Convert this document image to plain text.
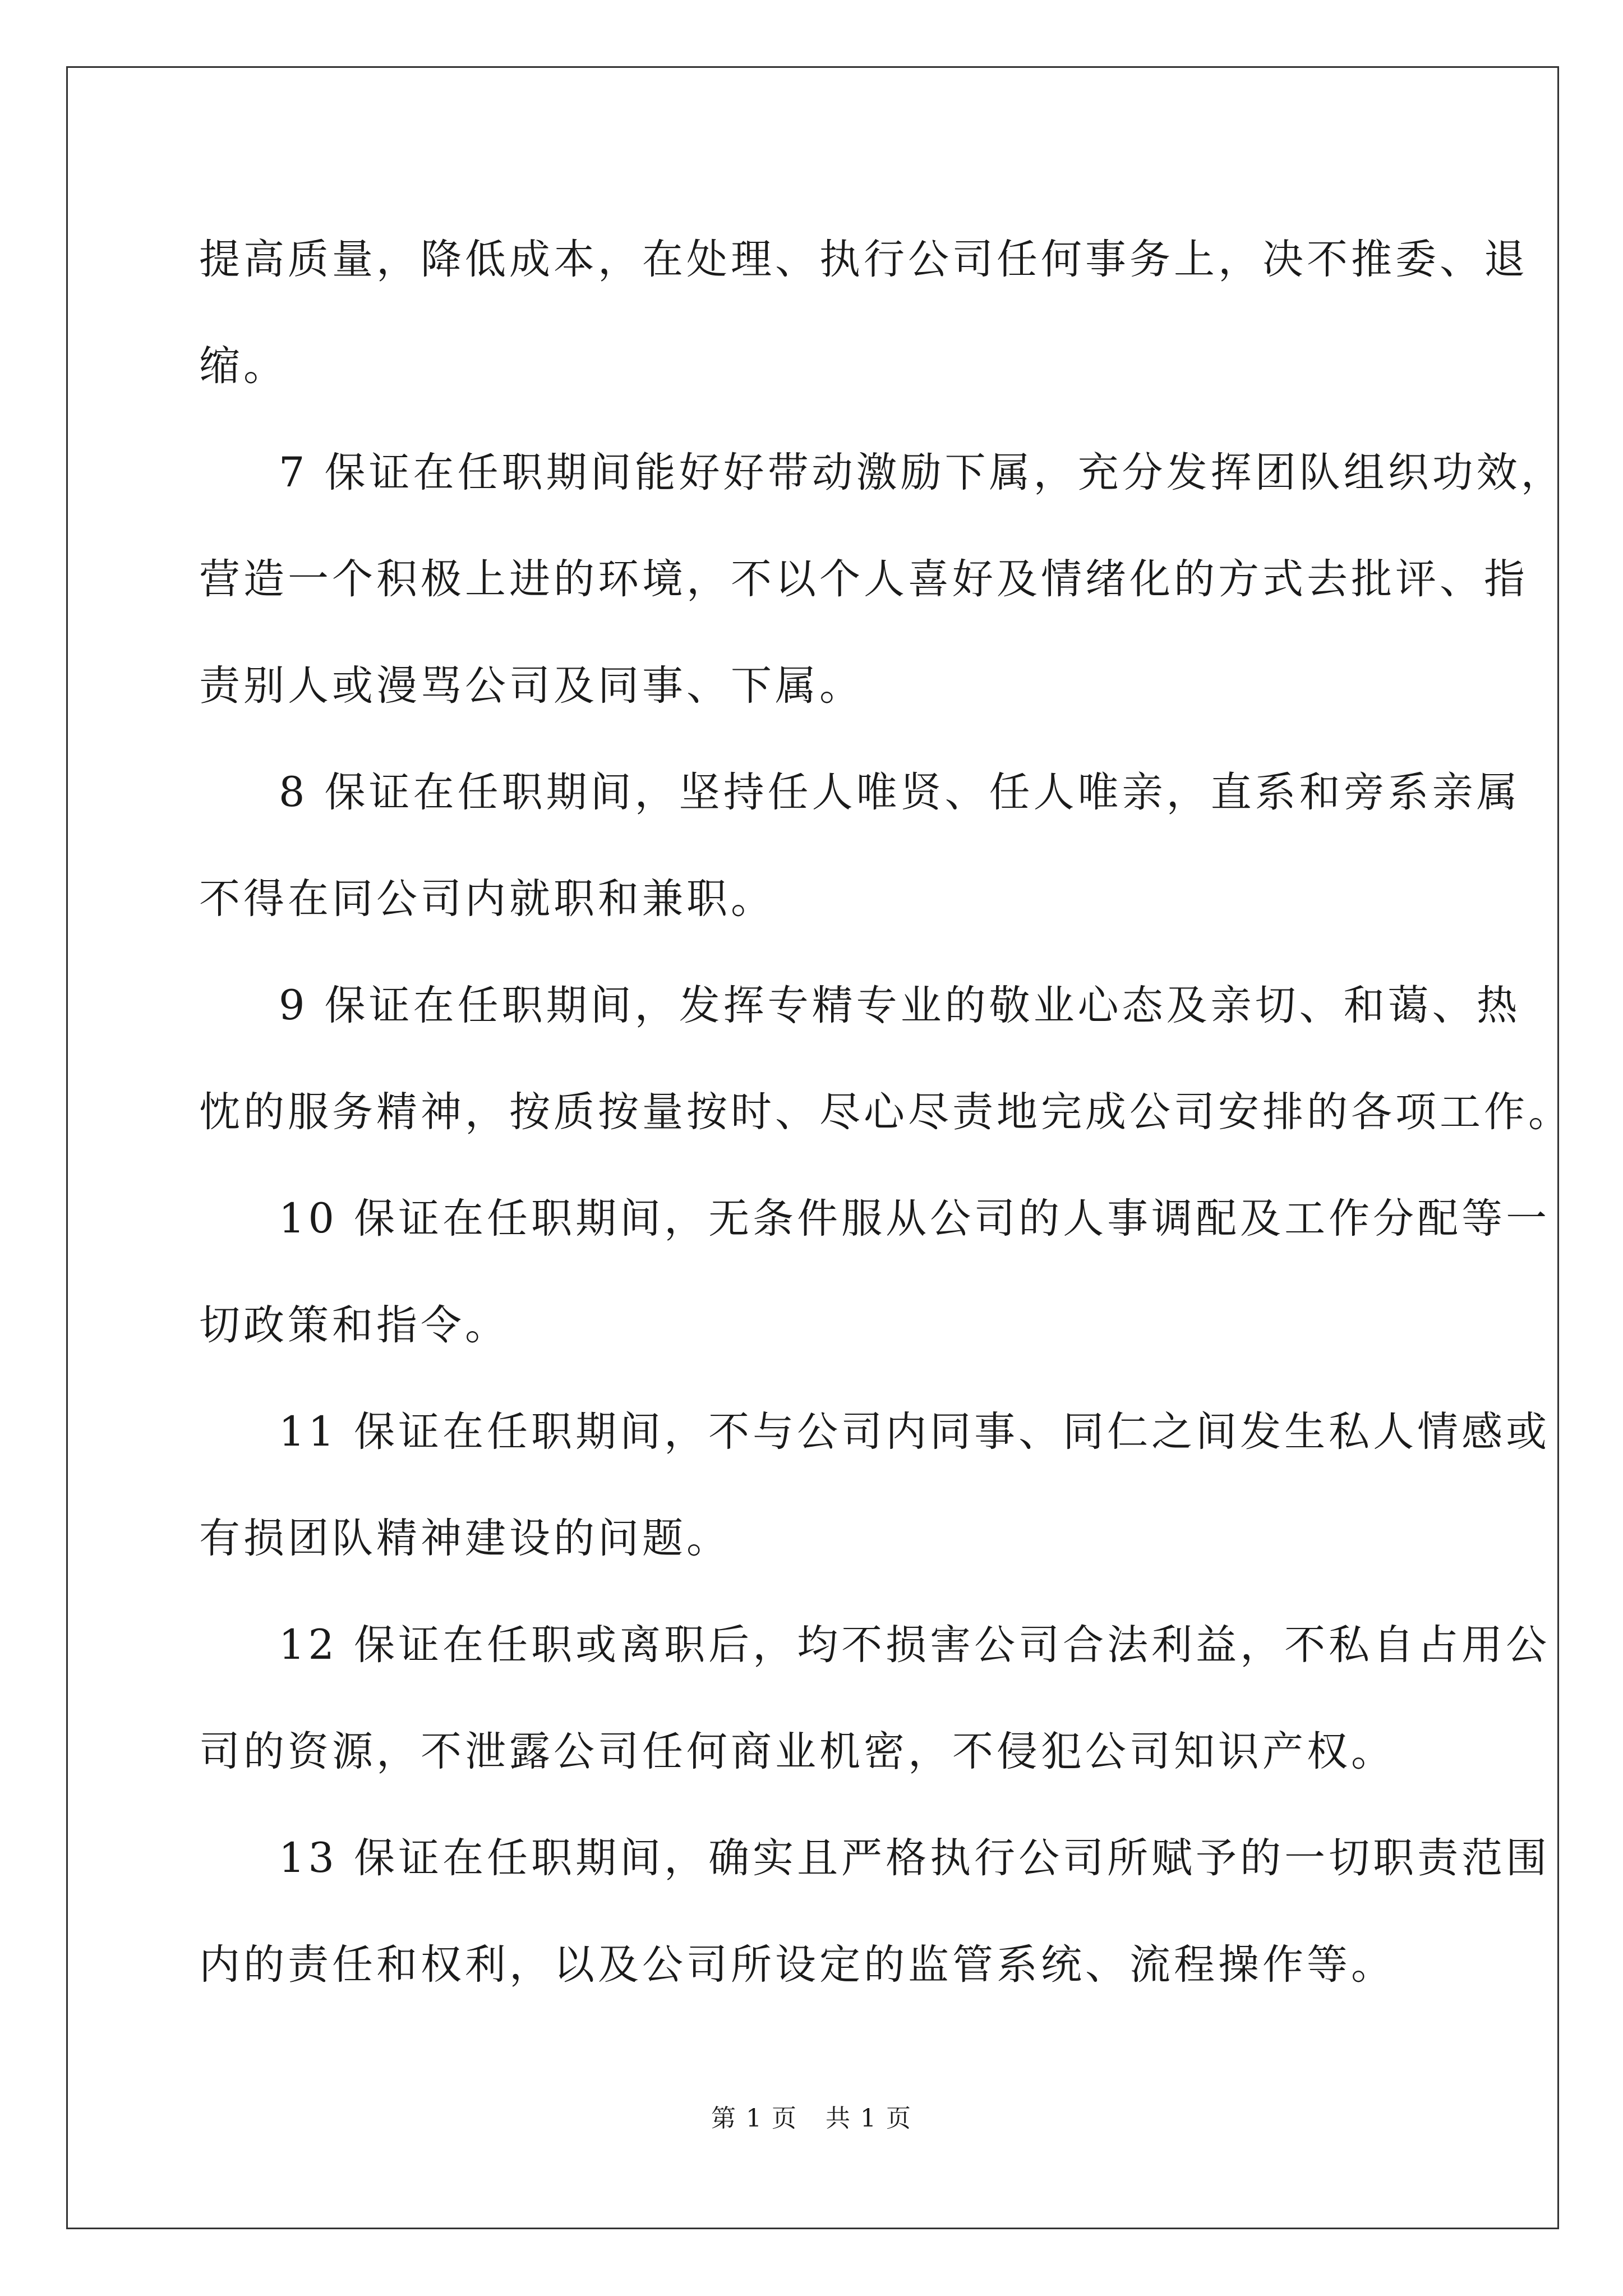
提高质量，降低成本，在处理、执行公司任何事务上，决不推委、退
缩。
7 保证在任职期间能好好带动激励下属，充分发挥团队组织功效，
营造一个积极上进的环境，不以个人喜好及情绪化的方式去批评、指
责别人或漫骂公司及同事、下属。
8 保证在任职期间，坚持任人唯贤、任人唯亲，直系和旁系亲属
不得在同公司内就职和兼职。
9 保证在任职期间，发挥专精专业的敬业心态及亲切、和蔼、热
忱的服务精神，按质按量按时、尽心尽责地完成公司安排的各项工作。
10 保证在任职期间，无条件服从公司的人事调配及工作分配等一
切政策和指令。
11 保证在任职期间，不与公司内同事、同仁之间发生私人情感或
有损团队精神建设的问题。
12 保证在任职或离职后，均不损害公司合法利益，不私自占用公
司的资源，不泄露公司任何商业机密，不侵犯公司知识产权。
13 保证在任职期间，确实且严格执行公司所赋予的一切职责范围
内的责任和权利，以及公司所设定的监管系统、流程操作等。
第 1 页 共 1 页
